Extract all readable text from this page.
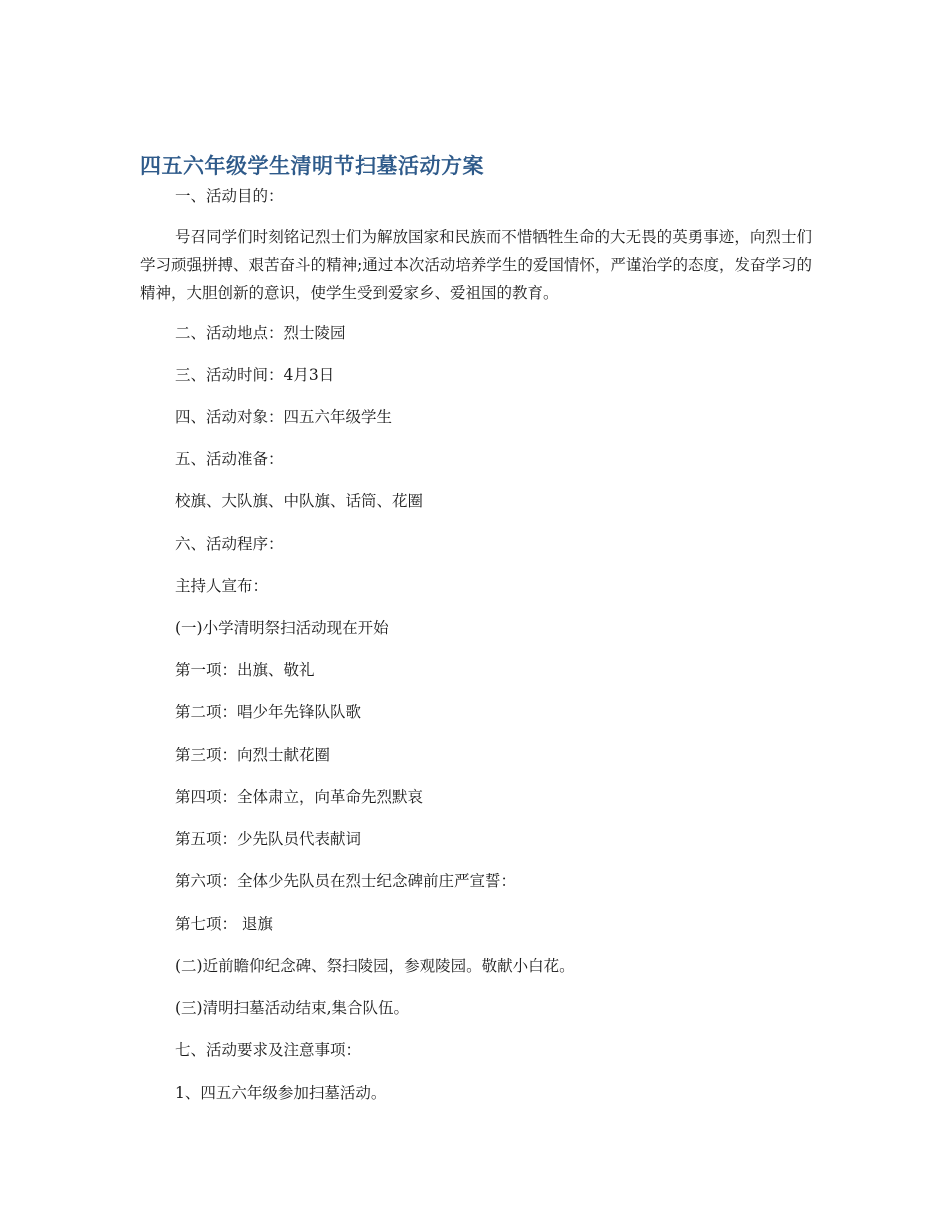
四五六年级学生清明节扫墓活动方案

一、活动目的：

号召同学们时刻铭记烈士们为解放国家和民族而不惜牺牲生命的大无畏的英勇事迹，向烈士们学习顽强拼搏、艰苦奋斗的精神;通过本次活动培养学生的爱国情怀，严谨治学的态度，发奋学习的精神，大胆创新的意识，使学生受到爱家乡、爱祖国的教育。

二、活动地点：烈士陵园

三、活动时间：4月3日

四、活动对象：四五六年级学生

五、活动准备：

校旗、大队旗、中队旗、话筒、花圈

六、活动程序：

主持人宣布：

(一)小学清明祭扫活动现在开始

第一项：出旗、敬礼

第二项：唱少年先锋队队歌

第三项：向烈士献花圈

第四项：全体肃立，向革命先烈默哀

第五项：少先队员代表献词

第六项：全体少先队员在烈士纪念碑前庄严宣誓：

第七项： 退旗

(二)近前瞻仰纪念碑、祭扫陵园，参观陵园。敬献小白花。

(三)清明扫墓活动结束,集合队伍。

七、活动要求及注意事项：

1、四五六年级参加扫墓活动。
